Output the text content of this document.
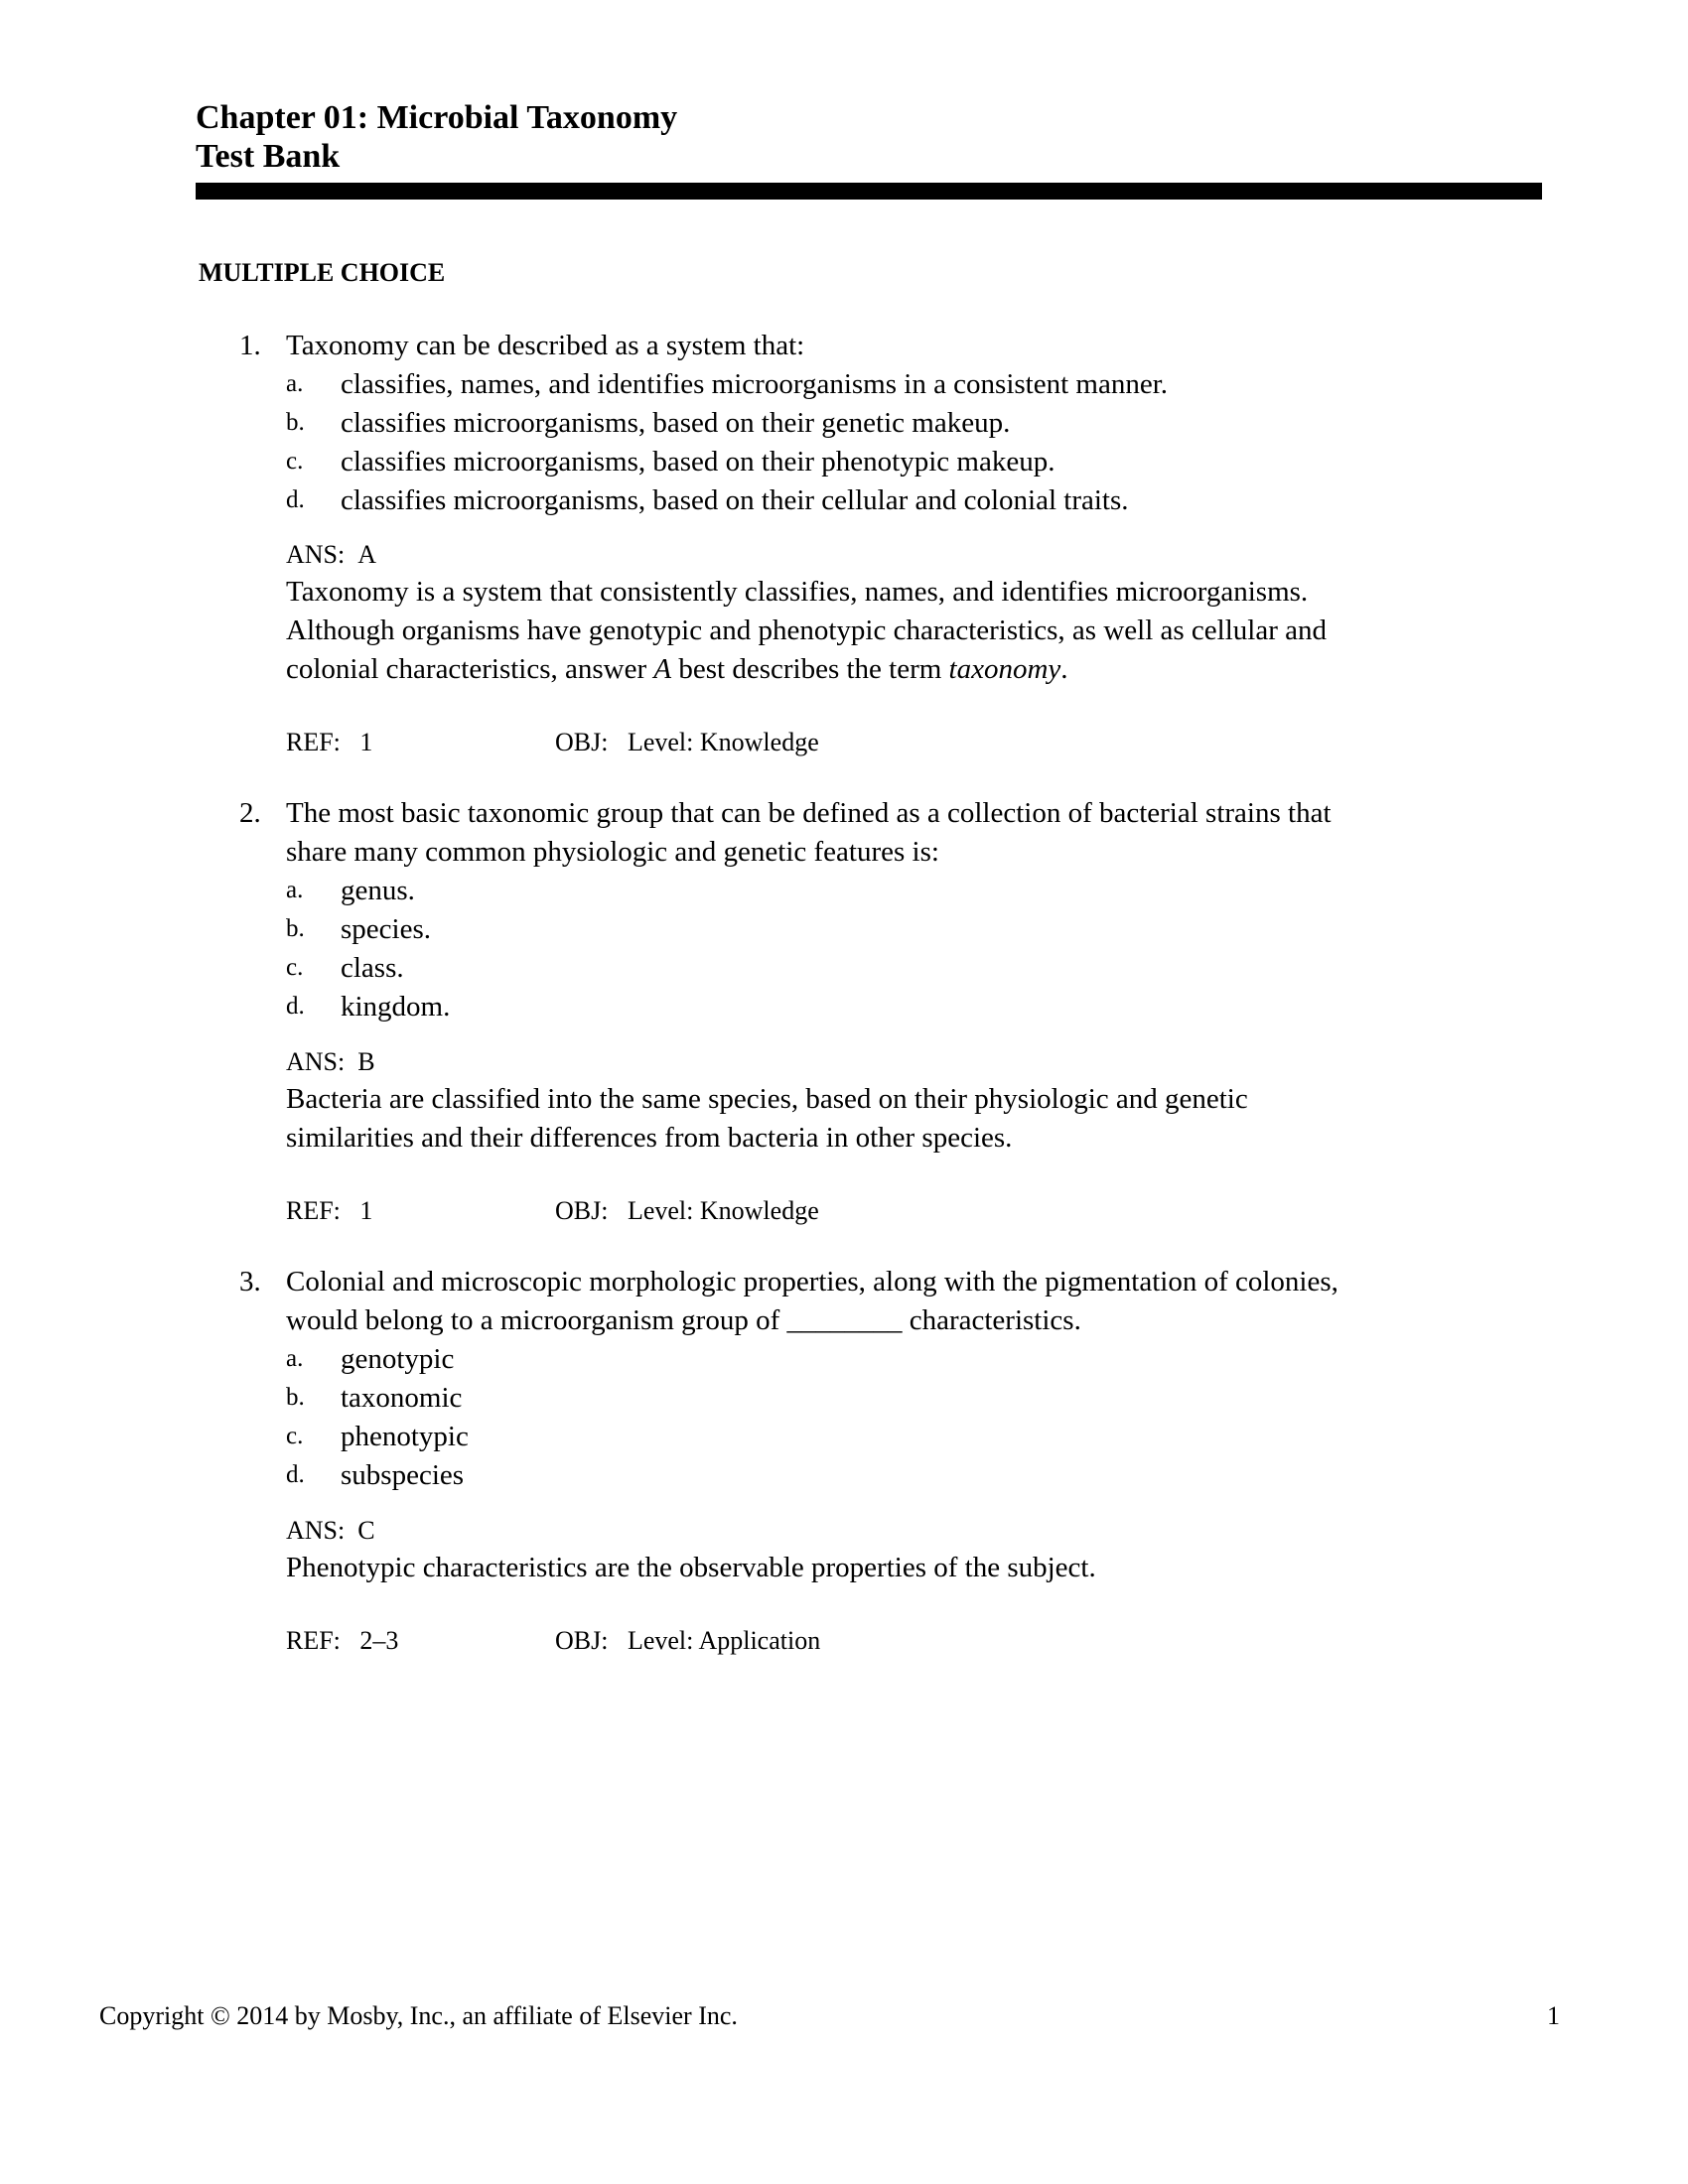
Chapter 01: Microbial Taxonomy
Test Bank
MULTIPLE CHOICE
1. Taxonomy can be described as a system that:
a. classifies, names, and identifies microorganisms in a consistent manner.
b. classifies microorganisms, based on their genetic makeup.
c. classifies microorganisms, based on their phenotypic makeup.
d. classifies microorganisms, based on their cellular and colonial traits.
ANS: A
Taxonomy is a system that consistently classifies, names, and identifies microorganisms.
Although organisms have genotypic and phenotypic characteristics, as well as cellular and
colonial characteristics, answer A best describes the term taxonomy.
REF: 1	OBJ: Level: Knowledge
2. The most basic taxonomic group that can be defined as a collection of bacterial strains that
share many common physiologic and genetic features is:
a. genus.
b. species.
c. class.
d. kingdom.
ANS: B
Bacteria are classified into the same species, based on their physiologic and genetic
similarities and their differences from bacteria in other species.
REF: 1	OBJ: Level: Knowledge
3. Colonial and microscopic morphologic properties, along with the pigmentation of colonies,
would belong to a microorganism group of ________ characteristics.
a. genotypic
b. taxonomic
c. phenotypic
d. subspecies
ANS: C
Phenotypic characteristics are the observable properties of the subject.
REF: 2–3	OBJ: Level: Application
Copyright © 2014 by Mosby, Inc., an affiliate of Elsevier Inc.	1
